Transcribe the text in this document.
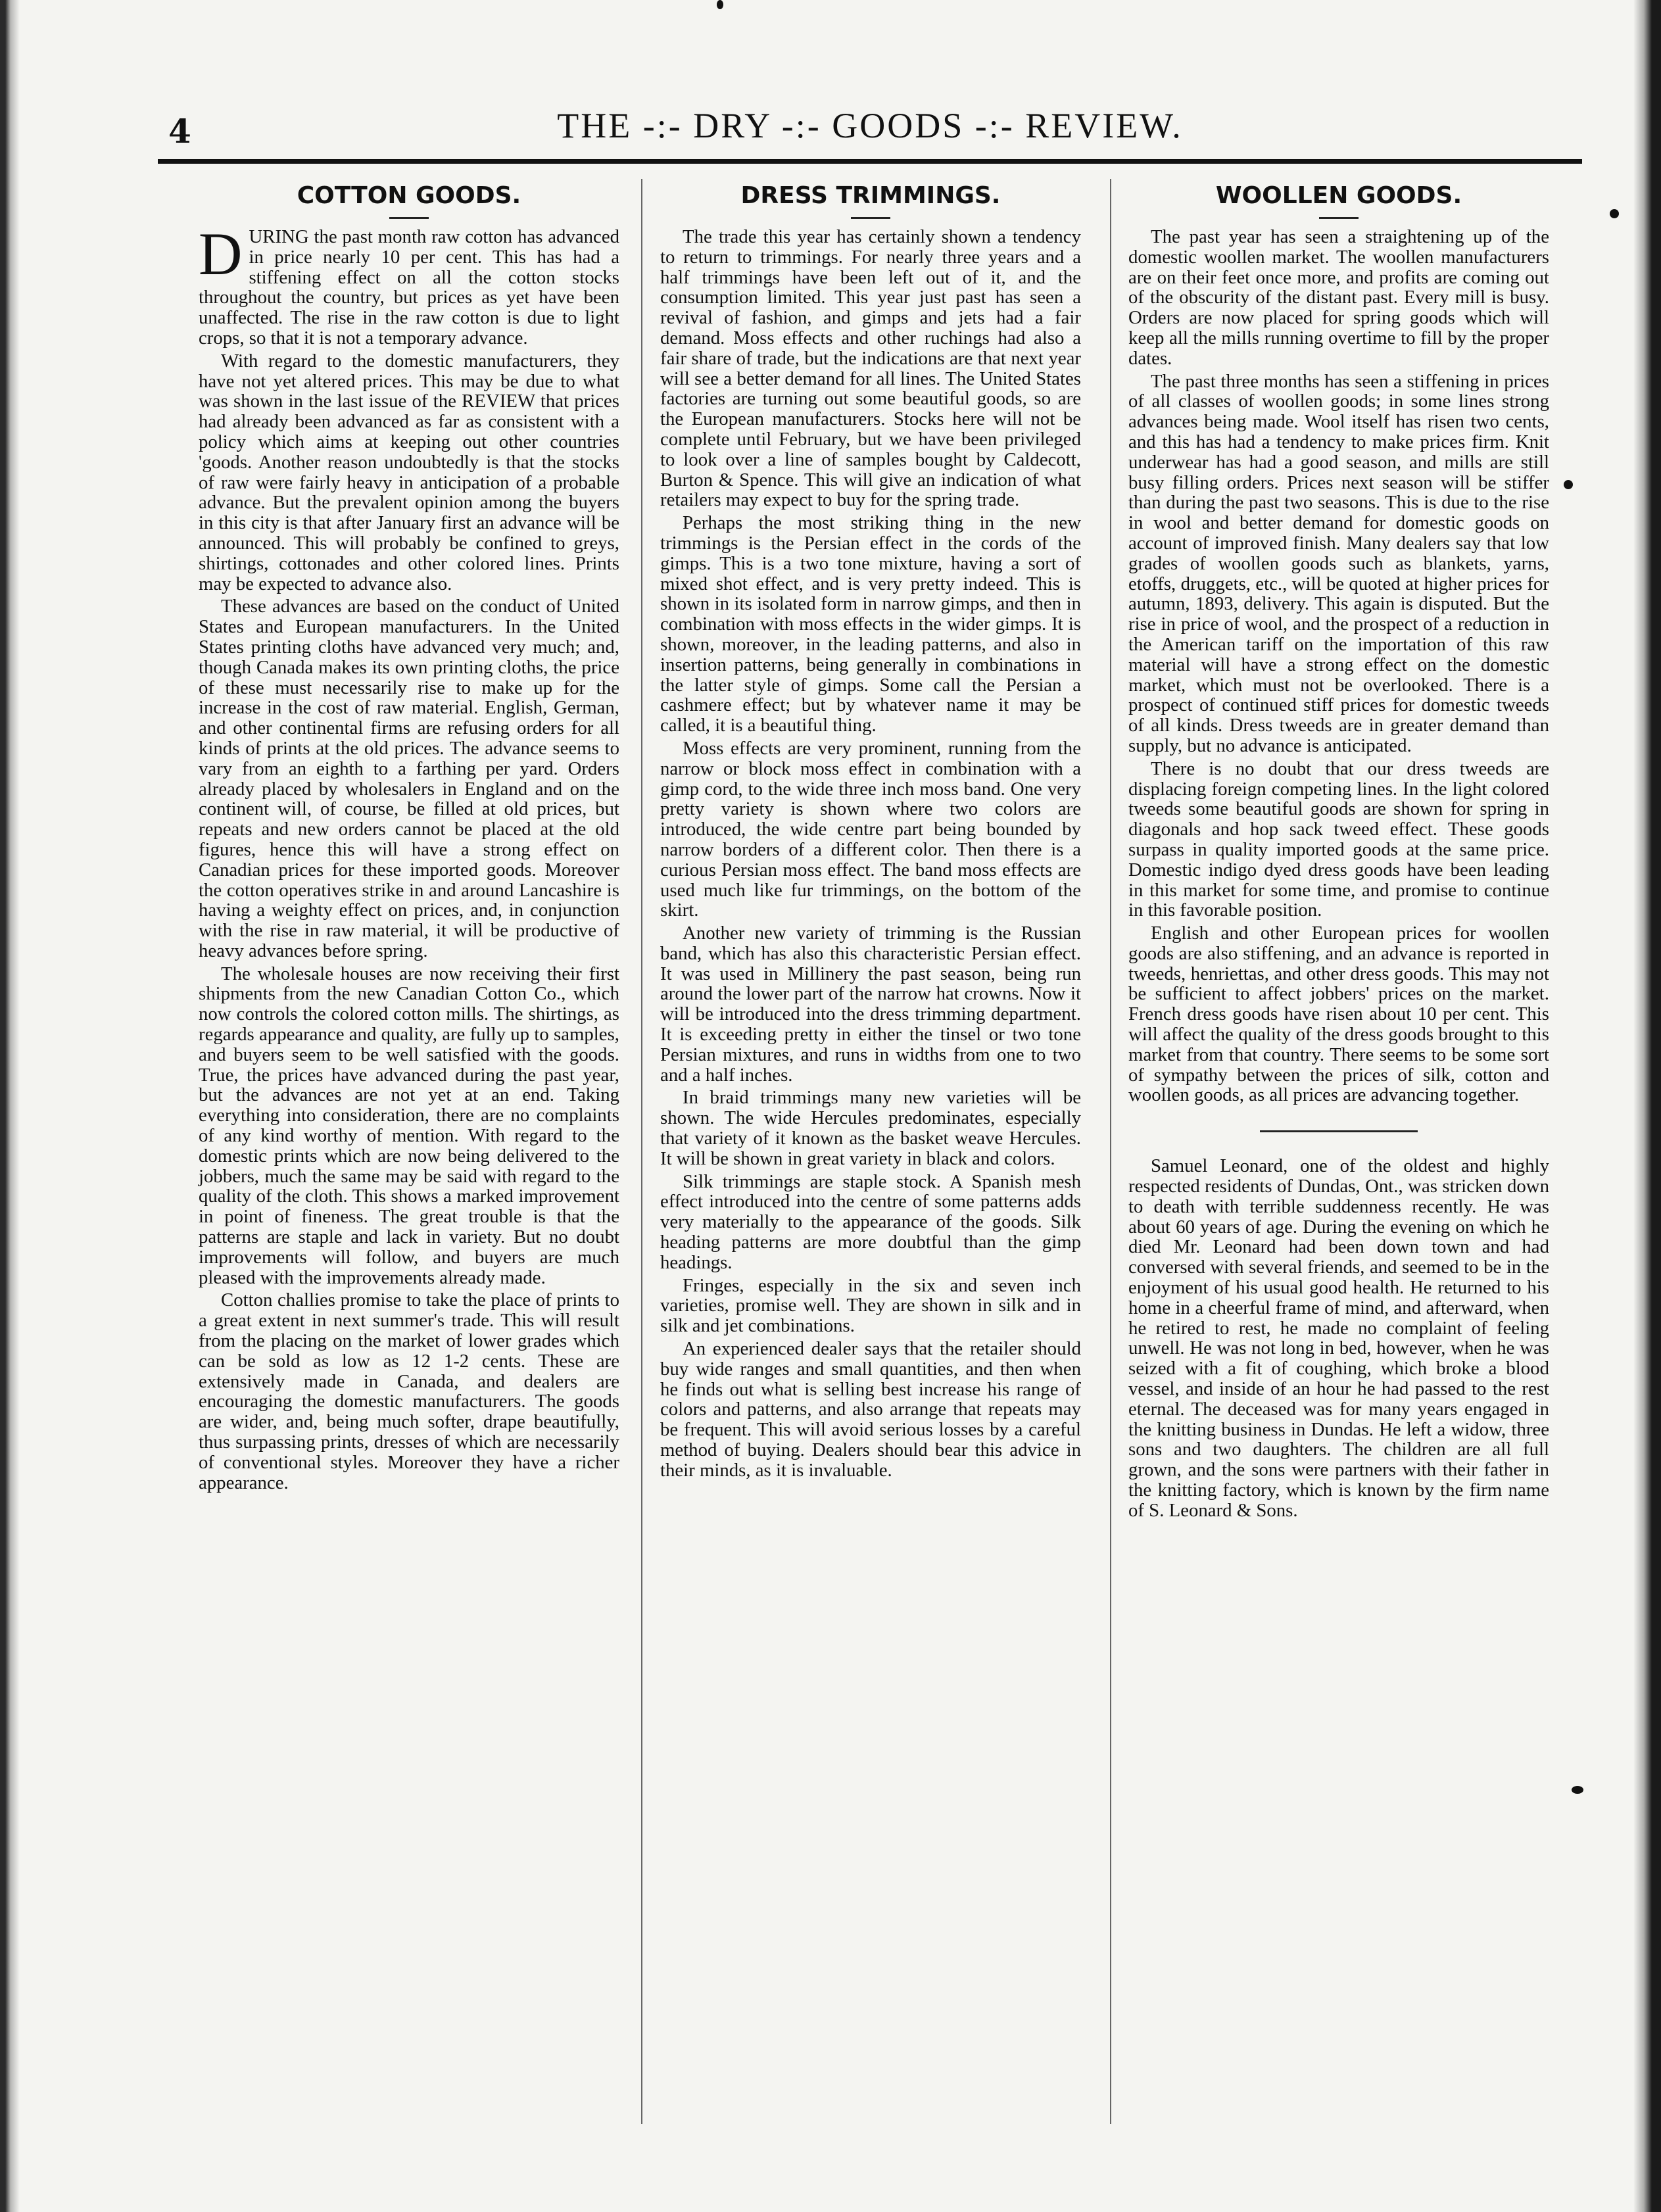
4	THE -:- DRY -:- GOODS -:- REVIEW.
COTTON GOODS.

D URING the past month raw cotton has advanced in price nearly 10 per cent. This has had a stiffening effect on all the cotton stocks throughout the country, but prices as yet have been unaffected. The rise in the raw cotton is due to light crops, so that it is not a temporary advance.

With regard to the domestic manufacturers, they have not yet altered prices. This may be due to what was shown in the last issue of the REVIEW that prices had already been advanced as far as consistent with a policy which aims at keeping out other countries 'goods. Another reason undoubtedly is that the stocks of raw were fairly heavy in anticipation of a probable advance. But the prevalent opinion among the buyers in this city is that after January first an advance will be announced. This will probably be confined to greys, shirtings, cottonades and other colored lines. Prints may be expected to advance also.

These advances are based on the conduct of United States and European manufacturers. In the United States printing cloths have advanced very much; and, though Canada makes its own printing cloths, the price of these must necessarily rise to make up for the increase in the cost of raw material. English, German, and other continental firms are refusing orders for all kinds of prints at the old prices. The advance seems to vary from an eighth to a farthing per yard. Orders already placed by wholesalers in England and on the continent will, of course, be filled at old prices, but repeats and new orders cannot be placed at the old figures, hence this will have a strong effect on Canadian prices for these imported goods. Moreover the cotton operatives strike in and around Lancashire is having a weighty effect on prices, and, in conjunction with the rise in raw material, it will be productive of heavy advances before spring.

The wholesale houses are now receiving their first shipments from the new Canadian Cotton Co., which now controls the colored cotton mills. The shirtings, as regards appearance and quality, are fully up to samples, and buyers seem to be well satisfied with the goods. True, the prices have advanced during the past year, but the advances are not yet at an end. Taking everything into consideration, there are no complaints of any kind worthy of mention. With regard to the domestic prints which are now being delivered to the jobbers, much the same may be said with regard to the quality of the cloth. This shows a marked improvement in point of fineness. The great trouble is that the patterns are staple and lack in variety. But no doubt improvements will follow, and buyers are much pleased with the improvements already made.

Cotton challies promise to take the place of prints to a great extent in next summer's trade. This will result from the placing on the market of lower grades which can be sold as low as 12 1-2 cents. These are extensively made in Canada, and dealers are encouraging the domestic manufacturers. The goods are wider, and, being much softer, drape beautifully, thus surpassing prints, dresses of which are necessarily of conventional styles. Moreover they have a richer appearance.

DRESS TRIMMINGS.

The trade this year has certainly shown a tendency to return to trimmings. For nearly three years and a half trimmings have been left out of it, and the consumption limited. This year just past has seen a revival of fashion, and gimps and jets had a fair demand. Moss effects and other ruchings had also a fair share of trade, but the indications are that next year will see a better demand for all lines. The United States factories are turning out some beautiful goods, so are the European manufacturers. Stocks here will not be complete until February, but we have been privileged to look over a line of samples bought by Caldecott, Burton & Spence. This will give an indication of what retailers may expect to buy for the spring trade.

Perhaps the most striking thing in the new trimmings is the Persian effect in the cords of the gimps. This is a two tone mixture, having a sort of mixed shot effect, and is very pretty indeed. This is shown in its isolated form in narrow gimps, and then in combination with moss effects in the wider gimps. It is shown, moreover, in the leading patterns, and also in insertion patterns, being generally in combinations in the latter style of gimps. Some call the Persian a cashmere effect; but by whatever name it may be called, it is a beautiful thing.

Moss effects are very prominent, running from the narrow or block moss effect in combination with a gimp cord, to the wide three inch moss band. One very pretty variety is shown where two colors are introduced, the wide centre part being bounded by narrow borders of a different color. Then there is a curious Persian moss effect. The band moss effects are used much like fur trimmings, on the bottom of the skirt.

Another new variety of trimming is the Russian band, which has also this characteristic Persian effect. It was used in Millinery the past season, being run around the lower part of the narrow hat crowns. Now it will be introduced into the dress trimming department. It is exceeding pretty in either the tinsel or two tone Persian mixtures, and runs in widths from one to two and a half inches.

In braid trimmings many new varieties will be shown. The wide Hercules predominates, especially that variety of it known as the basket weave Hercules. It will be shown in great variety in black and colors.

Silk trimmings are staple stock. A Spanish mesh effect introduced into the centre of some patterns adds very materially to the appearance of the goods. Silk heading patterns are more doubtful than the gimp headings.

Fringes, especially in the six and seven inch varieties, promise well. They are shown in silk and in silk and jet combinations.

An experienced dealer says that the retailer should buy wide ranges and small quantities, and then when he finds out what is selling best increase his range of colors and patterns, and also arrange that repeats may be frequent. This will avoid serious losses by a careful method of buying. Dealers should bear this advice in their minds, as it is invaluable.

WOOLLEN GOODS.

The past year has seen a straightening up of the domestic woollen market. The woollen manufacturers are on their feet once more, and profits are coming out of the obscurity of the distant past. Every mill is busy. Orders are now placed for spring goods which will keep all the mills running overtime to fill by the proper dates.

The past three months has seen a stiffening in prices of all classes of woollen goods; in some lines strong advances being made. Wool itself has risen two cents, and this has had a tendency to make prices firm. Knit underwear has had a good season, and mills are still busy filling orders. Prices next season will be stiffer than during the past two seasons. This is due to the rise in wool and better demand for domestic goods on account of improved finish. Many dealers say that low grades of woollen goods such as blankets, yarns, etoffs, druggets, etc., will be quoted at higher prices for autumn, 1893, delivery. This again is disputed. But the rise in price of wool, and the prospect of a reduction in the American tariff on the importation of this raw material will have a strong effect on the domestic market, which must not be overlooked. There is a prospect of continued stiff prices for domestic tweeds of all kinds. Dress tweeds are in greater demand than supply, but no advance is anticipated.

There is no doubt that our dress tweeds are displacing foreign competing lines. In the light colored tweeds some beautiful goods are shown for spring in diagonals and hop sack tweed effect. These goods surpass in quality imported goods at the same price. Domestic indigo dyed dress goods have been leading in this market for some time, and promise to continue in this favorable position.

English and other European prices for woollen goods are also stiffening, and an advance is reported in tweeds, henriettas, and other dress goods. This may not be sufficient to affect jobbers' prices on the market. French dress goods have risen about 10 per cent. This will affect the quality of the dress goods brought to this market from that country. There seems to be some sort of sympathy between the prices of silk, cotton and woollen goods, as all prices are advancing together.

Samuel Leonard, one of the oldest and highly respected residents of Dundas, Ont., was stricken down to death with terrible suddenness recently. He was about 60 years of age. During the evening on which he died Mr. Leonard had been down town and had conversed with several friends, and seemed to be in the enjoyment of his usual good health. He returned to his home in a cheerful frame of mind, and afterward, when he retired to rest, he made no complaint of feeling unwell. He was not long in bed, however, when he was seized with a fit of coughing, which broke a blood vessel, and inside of an hour he had passed to the rest eternal. The deceased was for many years engaged in the knitting business in Dundas. He left a widow, three sons and two daughters. The children are all full grown, and the sons were partners with their father in the knitting factory, which is known by the firm name of S. Leonard & Sons.
